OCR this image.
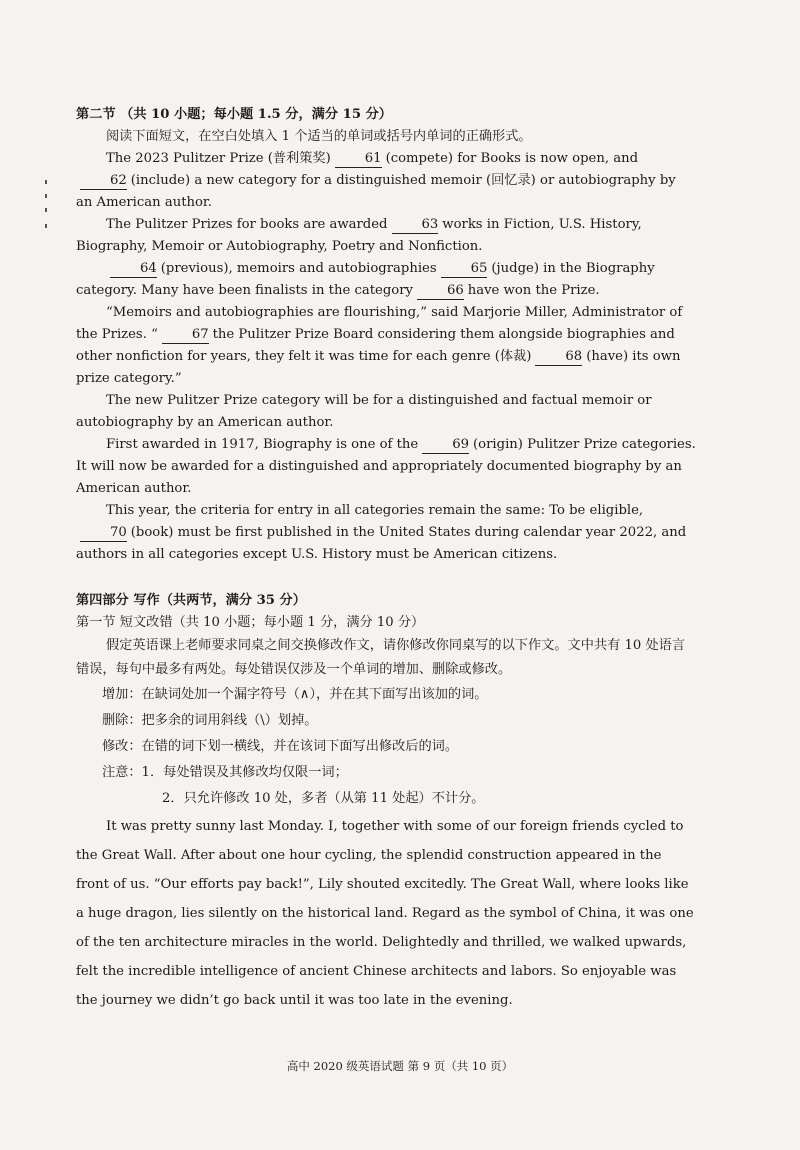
第二节 （共 10 小题；每小题 1.5 分，满分 15 分）

阅读下面短文，在空白处填入 1 个适当的单词或括号内单词的正确形式。

The 2023 Pulitzer Prize (普利策奖)	61 (compete) for Books is now open, and 62 (include) a new category for a distinguished memoir (回忆录) or autobiography by an American author.

The Pulitzer Prizes for books are awarded	63 works in Fiction, U.S. History, Biography, Memoir or Autobiography, Poetry and Nonfiction.

64 (previous), memoirs and autobiographies	65 (judge) in the Biography category. Many have been finalists in the category	66 have won the Prize.

“Memoirs and autobiographies are flourishing,” said Marjorie Miller, Administrator of the Prizes. “	67 the Pulitzer Prize Board considering them alongside biographies and other nonfiction for years, they felt it was time for each genre (体裁)	68 (have) its own prize category.”

The new Pulitzer Prize category will be for a distinguished and factual memoir or autobiography by an American author.

First awarded in 1917, Biography is one of the	69 (origin) Pulitzer Prize categories. It will now be awarded for a distinguished and appropriately documented biography by an American author.

This year, the criteria for entry in all categories remain the same: To be eligible, 70 (book) must be first published in the United States during calendar year 2022, and authors in all categories except U.S. History must be American citizens.

第四部分 写作（共两节，满分 35 分）

第一节 短文改错（共 10 小题；每小题 1 分，满分 10 分）

假定英语课上老师要求同桌之间交换修改作文，请你修改你同桌写的以下作文。文中共有 10 处语言错误，每句中最多有两处。每处错误仅涉及一个单词的增加、删除或修改。

增加：在缺词处加一个漏字符号（∧），并在其下面写出该加的词。

删除：把多余的词用斜线（\）划掉。

修改：在错的词下划一横线，并在该词下面写出修改后的词。

注意：1．每处错误及其修改均仅限一词；

2．只允许修改 10 处，多者（从第 11 处起）不计分。

It was pretty sunny last Monday. I, together with some of our foreign friends cycled to the Great Wall. After about one hour cycling, the splendid construction appeared in the front of us. “Our efforts pay back!”, Lily shouted excitedly. The Great Wall, where looks like a huge dragon, lies silently on the historical land. Regard as the symbol of China, it was one of the ten architecture miracles in the world. Delightedly and thrilled, we walked upwards, felt the incredible intelligence of ancient Chinese architects and labors. So enjoyable was the journey we didn’t go back until it was too late in the evening.

高中 2020 级英语试题 第 9 页（共 10 页）
